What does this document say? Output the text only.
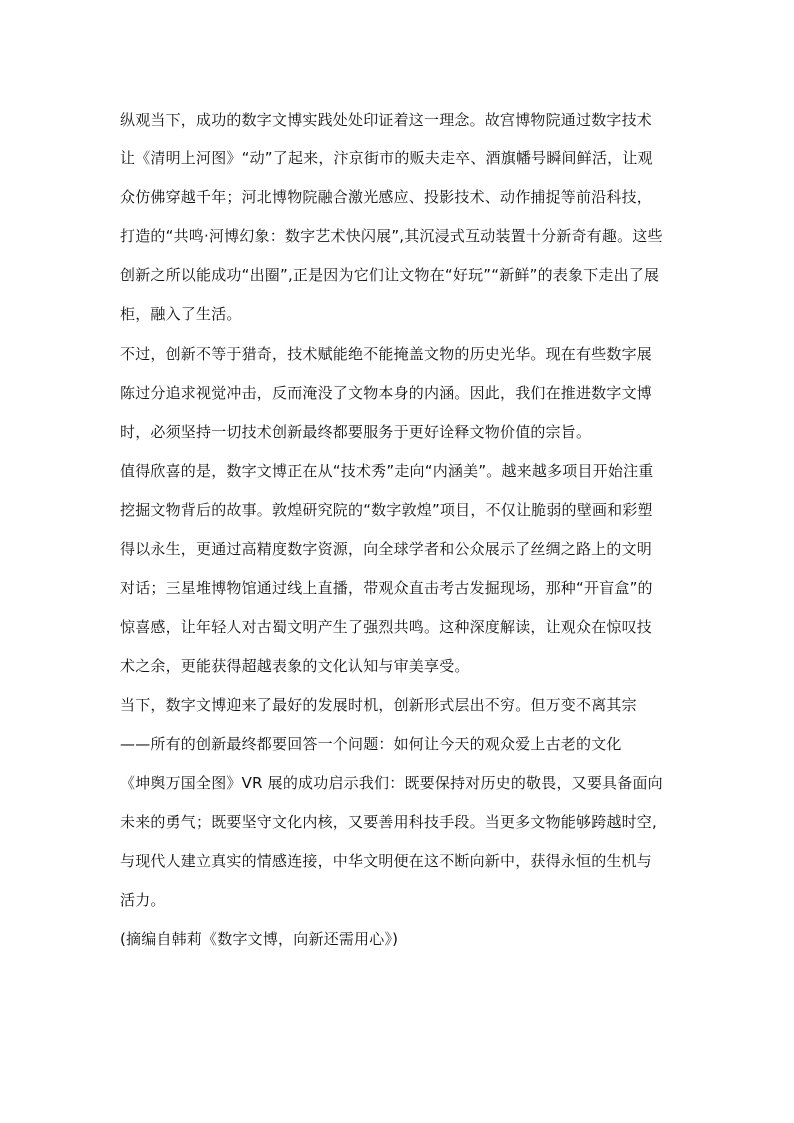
纵观当下，成功的数字文博实践处处印证着这一理念。故宫博物院通过数字技术
让《清明上河图》“动”了起来，汴京街市的贩夫走卒、酒旗幡号瞬间鲜活，让观
众仿佛穿越千年；河北博物院融合激光感应、投影技术、动作捕捉等前沿科技，
打造的“共鸣·河博幻象：数字艺术快闪展”,其沉浸式互动装置十分新奇有趣。这些
创新之所以能成功“出圈”,正是因为它们让文物在“好玩”“新鲜”的表象下走出了展
柜，融入了生活。
不过，创新不等于猎奇，技术赋能绝不能掩盖文物的历史光华。现在有些数字展
陈过分追求视觉冲击，反而淹没了文物本身的内涵。因此，我们在推进数字文博
时，必须坚持一切技术创新最终都要服务于更好诠释文物价值的宗旨。
值得欣喜的是，数字文博正在从“技术秀”走向“内涵美”。越来越多项目开始注重
挖掘文物背后的故事。敦煌研究院的“数字敦煌”项目，不仅让脆弱的壁画和彩塑
得以永生，更通过高精度数字资源，向全球学者和公众展示了丝绸之路上的文明
对话；三星堆博物馆通过线上直播，带观众直击考古发掘现场，那种“开盲盒”的
惊喜感，让年轻人对古蜀文明产生了强烈共鸣。这种深度解读，让观众在惊叹技
术之余，更能获得超越表象的文化认知与审美享受。
当下，数字文博迎来了最好的发展时机，创新形式层出不穷。但万变不离其宗
——所有的创新最终都要回答一个问题：如何让今天的观众爱上古老的文化
《坤舆万国全图》VR 展的成功启示我们：既要保持对历史的敬畏，又要具备面向
未来的勇气；既要坚守文化内核，又要善用科技手段。当更多文物能够跨越时空,
与现代人建立真实的情感连接，中华文明便在这不断向新中，获得永恒的生机与
活力。
(摘编自韩莉《数字文博，向新还需用心》)
